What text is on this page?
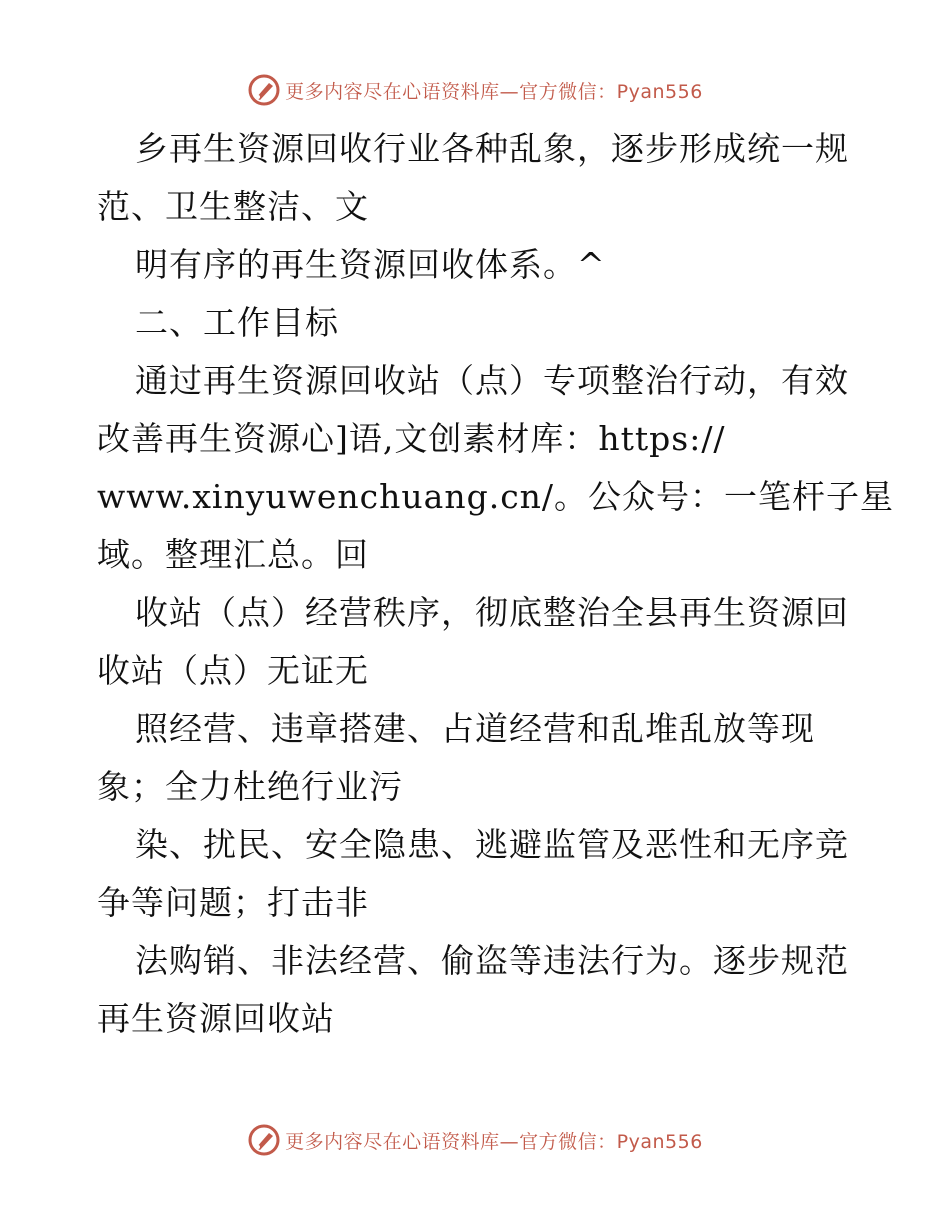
更多内容尽在心语资料库—官方微信：Pyan556
乡再生资源回收行业各种乱象，逐步形成统一规
范、卫生整洁、文
明有序的再生资源回收体系。^
二、工作目标
通过再生资源回收站（点）专项整治行动，有效
改善再生资源心]语,文创素材库：https://
www.xinyuwenchuang.cn/。公众号：一笔杆子星
域。整理汇总。回
收站（点）经营秩序，彻底整治全县再生资源回
收站（点）无证无
照经营、违章搭建、占道经营和乱堆乱放等现
象；全力杜绝行业污
染、扰民、安全隐患、逃避监管及恶性和无序竞
争等问题；打击非
法购销、非法经营、偷盗等违法行为。逐步规范
再生资源回收站
更多内容尽在心语资料库—官方微信：Pyan556
